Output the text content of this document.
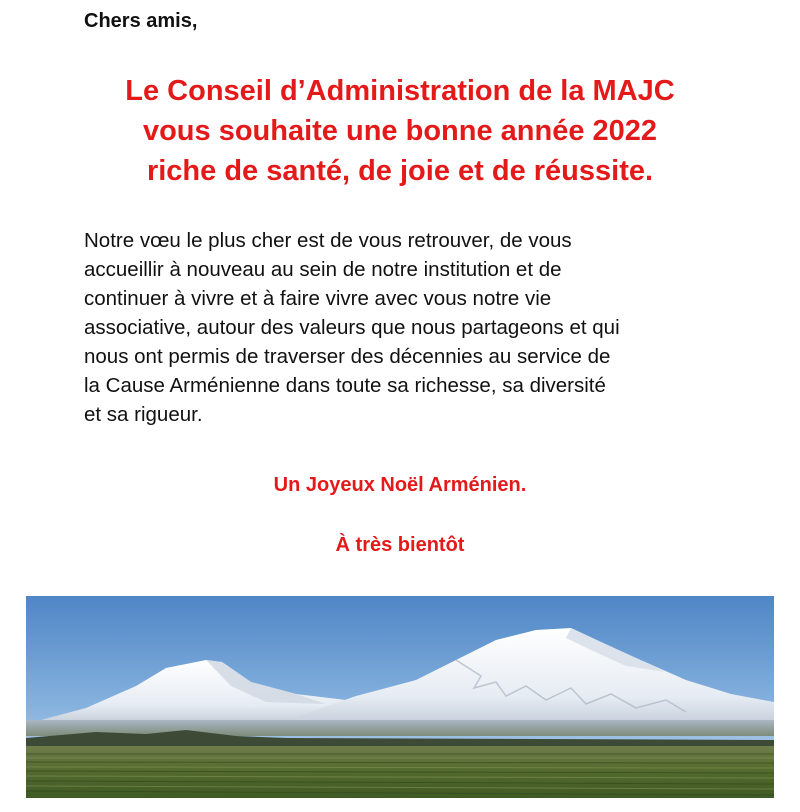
Chers amis,

Le Conseil d’Administration de la MAJC
vous souhaite une bonne année 2022
riche de santé, de joie et de réussite.

Notre vœu le plus cher est de vous retrouver, de vous
accueillir à nouveau au sein de notre institution et de
continuer à vivre et à faire vivre avec vous notre vie
associative, autour des valeurs que nous partageons et qui
nous ont permis de traverser des décennies au service de
la Cause Arménienne dans toute sa richesse, sa diversité
et sa rigueur.

Un Joyeux Noël Arménien.

À très bientôt
